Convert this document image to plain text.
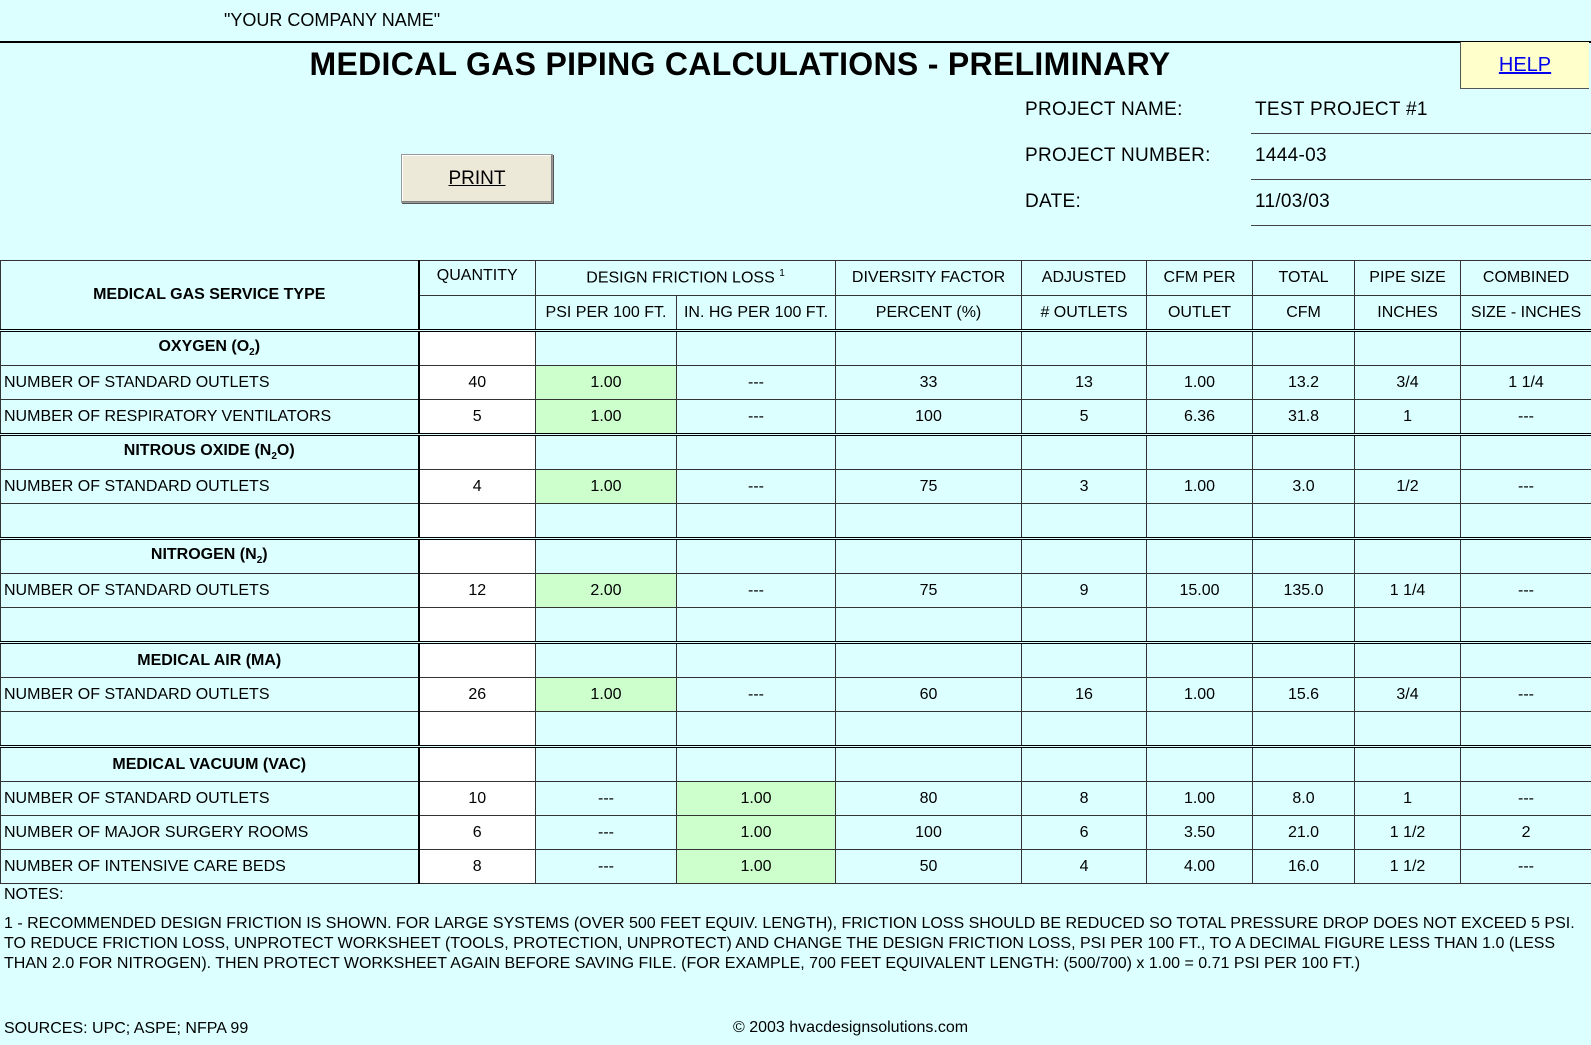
"YOUR COMPANY NAME"
MEDICAL GAS PIPING CALCULATIONS - PRELIMINARY	HELP
PROJECT NAME:	TEST PROJECT #1
PROJECT NUMBER: 1444-03
DATE:	11/03/03
PRINT
MEDICAL GAS SERVICE TYPE	QUANTITY	DESIGN FRICTION LOSS $^1$		DIVERSITY FACTOR	ADJUSTED	CFM PER	TOTAL	PIPE SIZE	COMBINED
		PSI PER 100 FT.	IN. HG PER 100 FT.	PERCENT (%)	# OUTLETS	OUTLET	CFM	INCHES	SIZE - INCHES
OXYGEN $(O_2)$									
NUMBER OF STANDARD OUTLETS	40	1.00	---	33	13	1.00	13.2	3/4	1 1/4
NUMBER OF RESPIRATORY VENTILATORS	5	1.00	---	100	5	6.36	31.8	1	---
NITROUS OXIDE $(N_2O)$									
NUMBER OF STANDARD OUTLETS	4	1.00	---	75	3	1.00	3.0	1/2	---

NITROGEN $(N_2)$									
NUMBER OF STANDARD OUTLETS	12	2.00	---	75	9	15.00	135.0	1 1/4	---

MEDICAL AIR (MA)									
NUMBER OF STANDARD OUTLETS	26	1.00	---	60	16	1.00	15.6	3/4	---

MEDICAL VACUUM (VAC)									
NUMBER OF STANDARD OUTLETS	10	---	1.00	80	8	1.00	8.0	1	---
NUMBER OF MAJOR SURGERY ROOMS	6	---	1.00	100	6	3.50	21.0	1 1/2	2
NUMBER OF INTENSIVE CARE BEDS	8	---	1.00	50	4	4.00	16.0	1 1/2	---
NOTES:
1 - RECOMMENDED DESIGN FRICTION IS SHOWN. FOR LARGE SYSTEMS (OVER 500 FEET EQUIV. LENGTH), FRICTION LOSS SHOULD BE REDUCED SO TOTAL PRESSURE DROP DOES NOT EXCEED 5 PSI. TO REDUCE FRICTION LOSS, UNPROTECT WORKSHEET (TOOLS, PROTECTION, UNPROTECT) AND CHANGE THE DESIGN FRICTION LOSS, PSI PER 100 FT., TO A DECIMAL FIGURE LESS THAN 1.0 (LESS THAN 2.0 FOR NITROGEN). THEN PROTECT WORKSHEET AGAIN BEFORE SAVING FILE. (FOR EXAMPLE, 700 FEET EQUIVALENT LENGTH: (500/700) x 1.00 = 0.71 PSI PER 100 FT.)
SOURCES: UPC; ASPE; NFPA 99	© 2003 hvacdesignsolutions.com
